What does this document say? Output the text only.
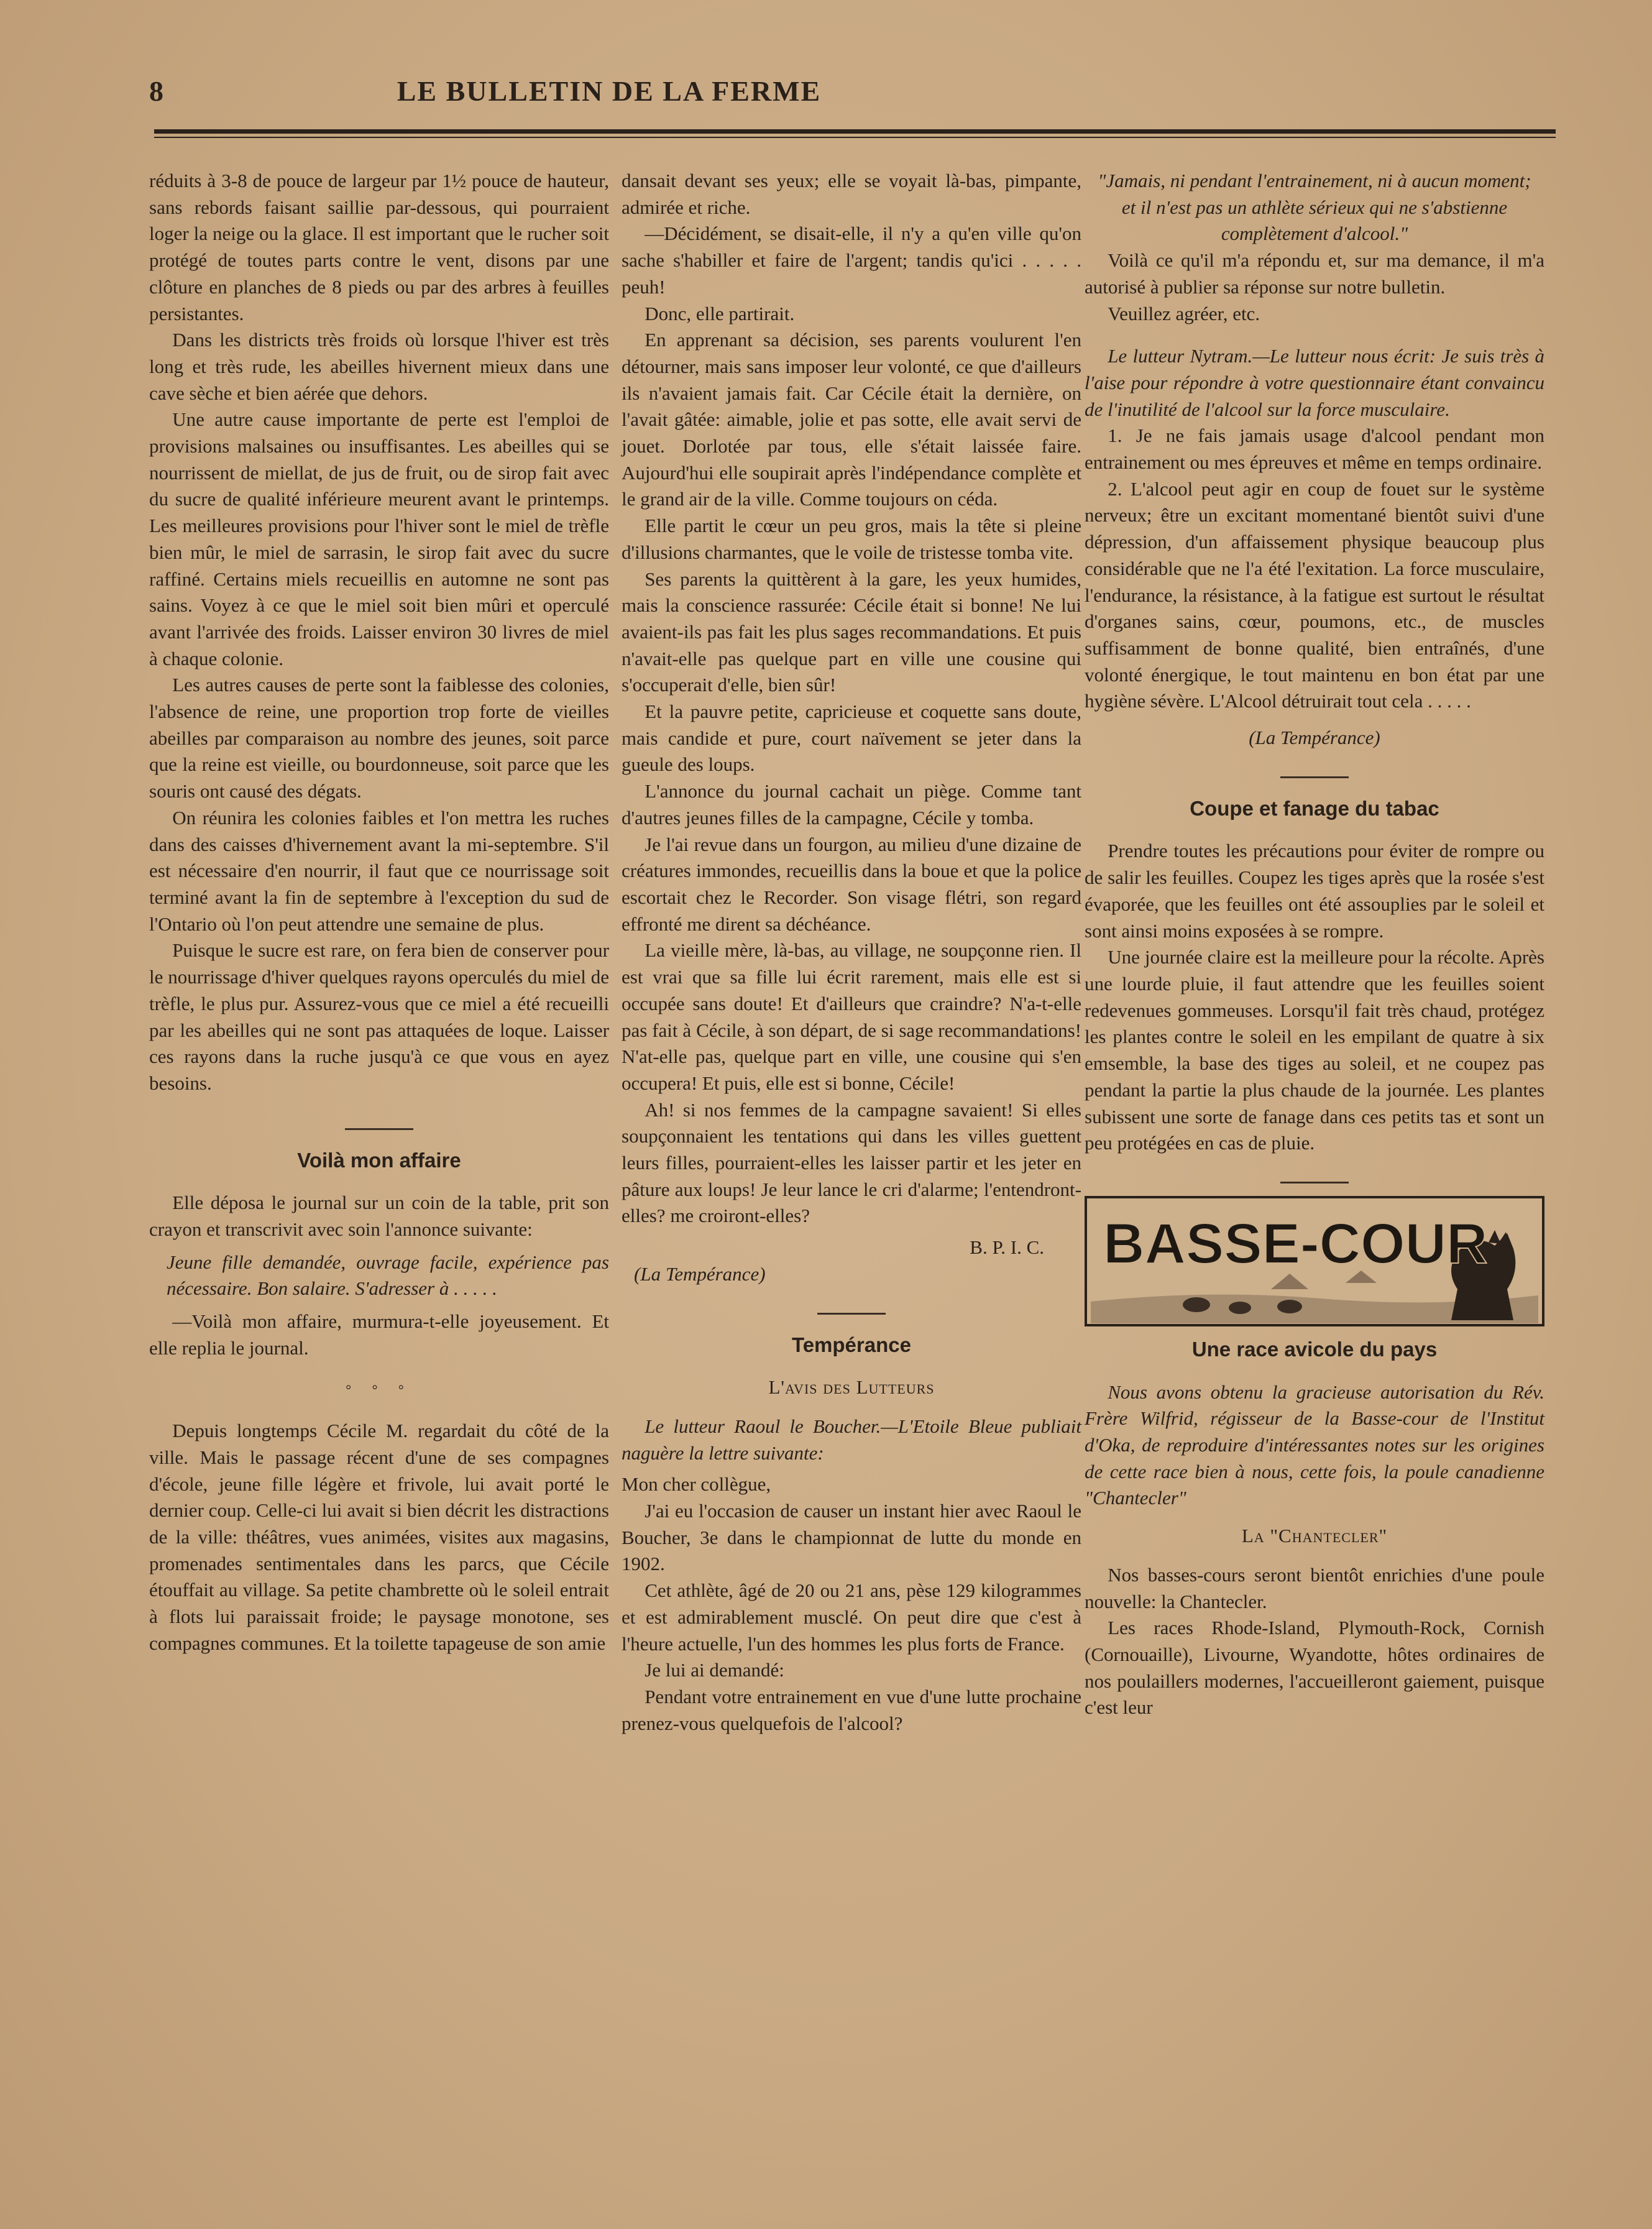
8	LE BULLETIN DE LA FERME

réduits à 3-8 de pouce de largeur par 1½ pouce de hauteur, sans rebords faisant saillie par-dessous, qui pourraient loger la neige ou la glace. Il est important que le rucher soit protégé de toutes parts contre le vent, disons par une clôture en planches de 8 pieds ou par des arbres à feuilles persistantes.

Dans les districts très froids où lorsque l'hiver est très long et très rude, les abeilles hivernent mieux dans une cave sèche et bien aérée que dehors.

Une autre cause importante de perte est l'emploi de provisions malsaines ou insuffisantes. Les abeilles qui se nourrissent de miellat, de jus de fruit, ou de sirop fait avec du sucre de qualité inférieure meurent avant le printemps. Les meilleures provisions pour l'hiver sont le miel de trèfle bien mûr, le miel de sarrasin, le sirop fait avec du sucre raffiné. Certains miels recueillis en automne ne sont pas sains. Voyez à ce que le miel soit bien mûri et operculé avant l'arrivée des froids. Laisser environ 30 livres de miel à chaque colonie.

Les autres causes de perte sont la faiblesse des colonies, l'absence de reine, une proportion trop forte de vieilles abeilles par comparaison au nombre des jeunes, soit parce que la reine est vieille, ou bourdonneuse, soit parce que les souris ont causé des dégats.

On réunira les colonies faibles et l'on mettra les ruches dans des caisses d'hivernement avant la mi-septembre. S'il est nécessaire d'en nourrir, il faut que ce nourrissage soit terminé avant la fin de septembre à l'exception du sud de l'Ontario où l'on peut attendre une semaine de plus.

Puisque le sucre est rare, on fera bien de conserver pour le nourrissage d'hiver quelques rayons operculés du miel de trèfle, le plus pur. Assurez-vous que ce miel a été recueilli par les abeilles qui ne sont pas attaquées de loque. Laisser ces rayons dans la ruche jusqu'à ce que vous en ayez besoins.

Voilà mon affaire

Elle déposa le journal sur un coin de la table, prit son crayon et transcrivit avec soin l'annonce suivante:

Jeune fille demandée, ouvrage facile, expérience pas nécessaire. Bon salaire. S'adresser à . . . . .

—Voilà mon affaire, murmura-t-elle joyeusement. Et elle replia le journal.

° ° °

Depuis longtemps Cécile M. regardait du côté de la ville. Mais le passage récent d'une de ses compagnes d'école, jeune fille légère et frivole, lui avait porté le dernier coup. Celle-ci lui avait si bien décrit les distractions de la ville: théâtres, vues animées, visites aux magasins, promenades sentimentales dans les parcs, que Cécile étouffait au village. Sa petite chambrette où le soleil entrait à flots lui paraissait froide; le paysage monotone, ses compagnes communes. Et la toilette tapageuse de son amie

dansait devant ses yeux; elle se voyait là-bas, pimpante, admirée et riche.

—Décidément, se disait-elle, il n'y a qu'en ville qu'on sache s'habiller et faire de l'argent; tandis qu'ici . . . . . peuh!

Donc, elle partirait.

En apprenant sa décision, ses parents voulurent l'en détourner, mais sans imposer leur volonté, ce que d'ailleurs ils n'avaient jamais fait. Car Cécile était la dernière, on l'avait gâtée: aimable, jolie et pas sotte, elle avait servi de jouet. Dorlotée par tous, elle s'était laissée faire. Aujourd'hui elle soupirait après l'indépendance complète et le grand air de la ville. Comme toujours on céda.

Elle partit le cœur un peu gros, mais la tête si pleine d'illusions charmantes, que le voile de tristesse tomba vite.

Ses parents la quittèrent à la gare, les yeux humides, mais la conscience rassurée: Cécile était si bonne! Ne lui avaient-ils pas fait les plus sages recommandations. Et puis n'avait-elle pas quelque part en ville une cousine qui s'occuperait d'elle, bien sûr!

Et la pauvre petite, capricieuse et coquette sans doute, mais candide et pure, court naïvement se jeter dans la gueule des loups.

L'annonce du journal cachait un piège. Comme tant d'autres jeunes filles de la campagne, Cécile y tomba.

Je l'ai revue dans un fourgon, au milieu d'une dizaine de créatures immondes, recueillis dans la boue et que la police escortait chez le Recorder. Son visage flétri, son regard effronté me dirent sa déchéance.

La vieille mère, là-bas, au village, ne soupçonne rien. Il est vrai que sa fille lui écrit rarement, mais elle est si occupée sans doute! Et d'ailleurs que craindre? N'a-t-elle pas fait à Cécile, à son départ, de si sage recommandations! N'at-elle pas, quelque part en ville, une cousine qui s'en occupera! Et puis, elle est si bonne, Cécile!

Ah! si nos femmes de la campagne savaient! Si elles soupçonnaient les tentations qui dans les villes guettent leurs filles, pourraient-elles les laisser partir et les jeter en pâture aux loups! Je leur lance le cri d'alarme; l'entendront-elles? me croiront-elles?

B. P. I. C.

(La Tempérance)

Tempérance
L'avis des Lutteurs

Le lutteur Raoul le Boucher.—L'Etoile Bleue publiait naguère la lettre suivante:

Mon cher collègue,

J'ai eu l'occasion de causer un instant hier avec Raoul le Boucher, 3e dans le championnat de lutte du monde en 1902.

Cet athlète, âgé de 20 ou 21 ans, pèse 129 kilogrammes et est admirablement musclé. On peut dire que c'est à l'heure actuelle, l'un des hommes les plus forts de France.

Je lui ai demandé:

Pendant votre entrainement en vue d'une lutte prochaine prenez-vous quelquefois de l'alcool?

"Jamais, ni pendant l'entrainement, ni à aucun moment; et il n'est pas un athlète sérieux qui ne s'abstienne complètement d'alcool."

Voilà ce qu'il m'a répondu et, sur ma demance, il m'a autorisé à publier sa réponse sur notre bulletin.

Veuillez agréer, etc.

Le lutteur Nytram.—Le lutteur nous écrit: Je suis très à l'aise pour répondre à votre questionnaire étant convaincu de l'inutilité de l'alcool sur la force musculaire.

1. Je ne fais jamais usage d'alcool pendant mon entrainement ou mes épreuves et même en temps ordinaire.

2. L'alcool peut agir en coup de fouet sur le système nerveux; être un excitant momentané bientôt suivi d'une dépression, d'un affaissement physique beaucoup plus considérable que ne l'a été l'exitation. La force musculaire, l'endurance, la résistance, à la fatigue est surtout le résultat d'organes sains, cœur, poumons, etc., de muscles suffisamment de bonne qualité, bien entraînés, d'une volonté énergique, le tout maintenu en bon état par une hygiène sévère. L'Alcool détruirait tout cela . . . . .

(La Tempérance)

Coupe et fanage du tabac

Prendre toutes les précautions pour éviter de rompre ou de salir les feuilles. Coupez les tiges après que la rosée s'est évaporée, que les feuilles ont été assouplies par le soleil et sont ainsi moins exposées à se rompre.

Une journée claire est la meilleure pour la récolte. Après une lourde pluie, il faut attendre que les feuilles soient redevenues gommeuses. Lorsqu'il fait très chaud, protégez les plantes contre le soleil en les empilant de quatre à six emsemble, la base des tiges au soleil, et ne coupez pas pendant la partie la plus chaude de la journée. Les plantes subissent une sorte de fanage dans ces petits tas et sont un peu protégées en cas de pluie.

BASSE-COUR
Une race avicole du pays

Nous avons obtenu la gracieuse autorisation du Rév. Frère Wilfrid, régisseur de la Basse-cour de l'Institut d'Oka, de reproduire d'intéressantes notes sur les origines de cette race bien à nous, cette fois, la poule canadienne "Chantecler"

La "Chantecler"

Nos basses-cours seront bientôt enrichies d'une poule nouvelle: la Chantecler.

Les races Rhode-Island, Plymouth-Rock, Cornish (Cornouaille), Livourne, Wyandotte, hôtes ordinaires de nos poulaillers modernes, l'accueilleront gaiement, puisque c'est leur
